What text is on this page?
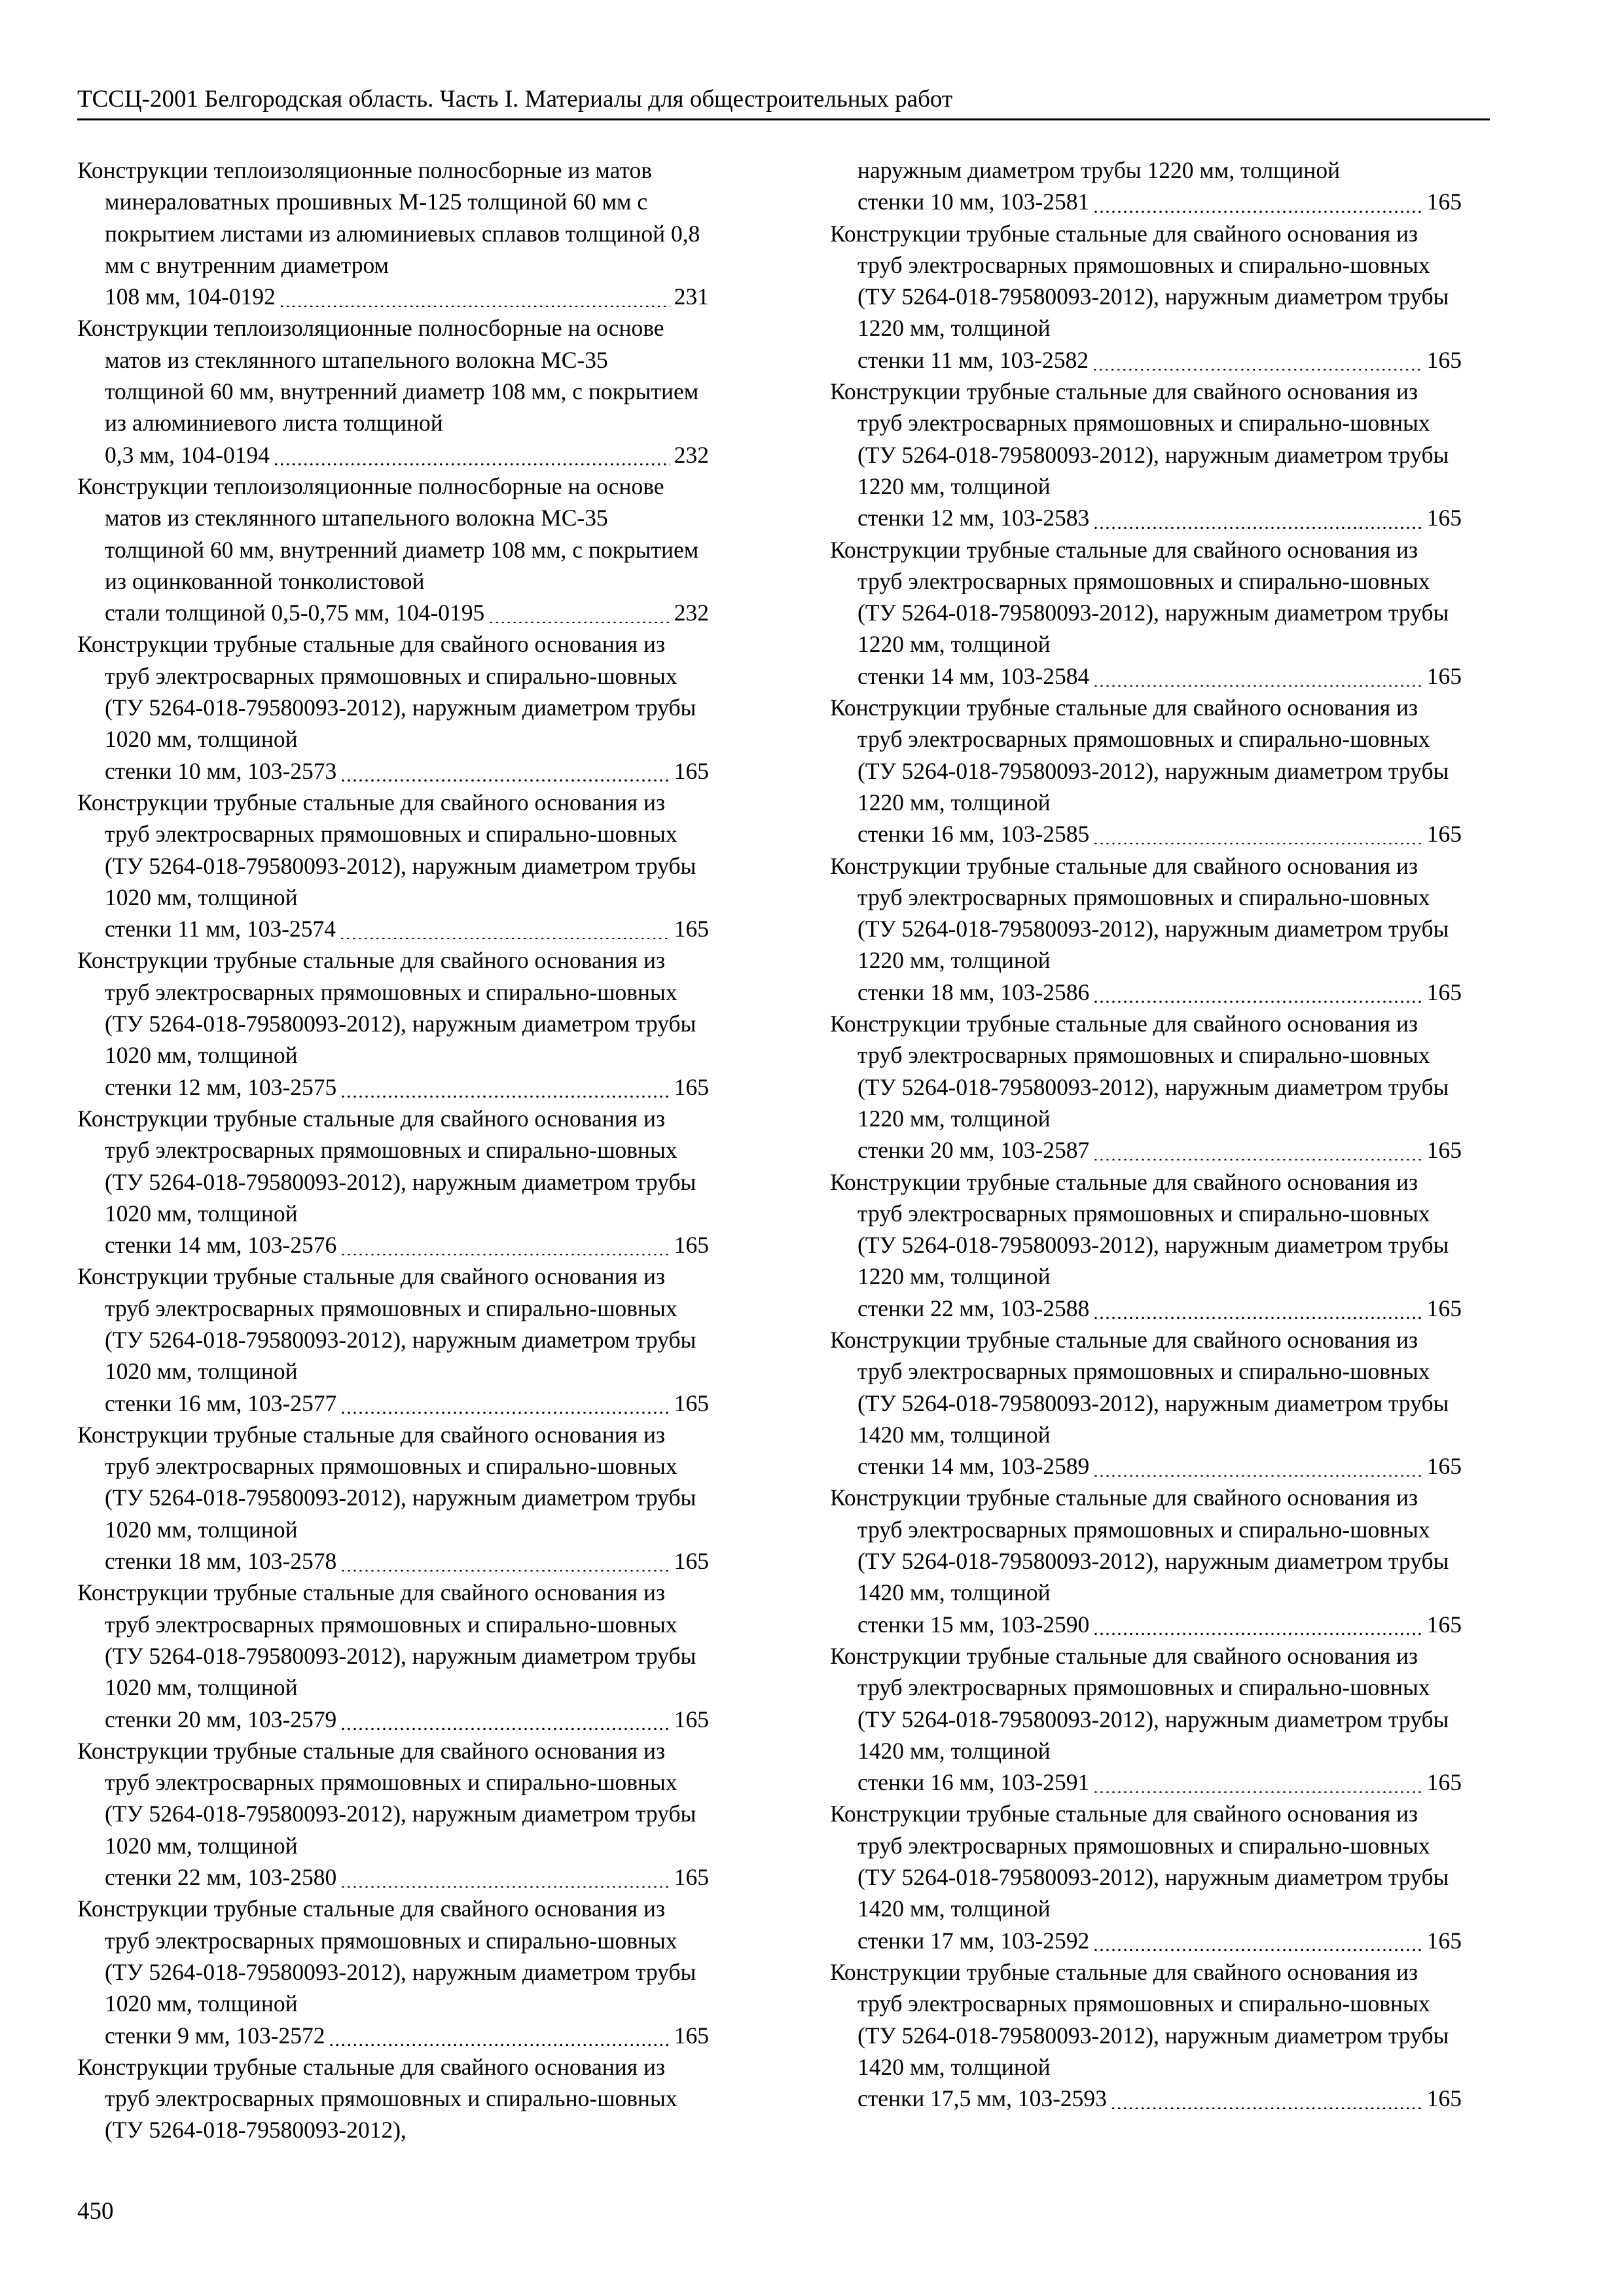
ТССЦ-2001 Белгородская область. Часть I. Материалы для общестроительных работ
Конструкции теплоизоляционные полносборные из матов минераловатных прошивных М-125 толщиной 60 мм с покрытием листами из алюминиевых сплавов толщиной 0,8 мм с внутренним диаметром
108 мм, 104-0192 . . .	231
Конструкции теплоизоляционные полносборные на основе матов из стеклянного штапельного волокна МС-35 толщиной 60 мм, внутренний диаметр 108 мм, с покрытием из алюминиевого листа толщиной
0,3 мм, 104-0194 . . .	232
Конструкции теплоизоляционные полносборные на основе матов из стеклянного штапельного волокна МС-35 толщиной 60 мм, внутренний диаметр 108 мм, с покрытием из оцинкованной тонколистовой
стали толщиной 0,5-0,75 мм, 104-0195 . . .	232
Конструкции трубные стальные для свайного основания из труб электросварных прямошовных и спирально-шовных (ТУ 5264-018-79580093-2012), наружным диаметром трубы 1020 мм, толщиной
стенки 10 мм, 103-2573 . . .	165
Конструкции трубные стальные для свайного основания из труб электросварных прямошовных и спирально-шовных (ТУ 5264-018-79580093-2012), наружным диаметром трубы 1020 мм, толщиной
стенки 11 мм, 103-2574 . . .	165
Конструкции трубные стальные для свайного основания из труб электросварных прямошовных и спирально-шовных (ТУ 5264-018-79580093-2012), наружным диаметром трубы 1020 мм, толщиной
стенки 12 мм, 103-2575 . . .	165
Конструкции трубные стальные для свайного основания из труб электросварных прямошовных и спирально-шовных (ТУ 5264-018-79580093-2012), наружным диаметром трубы 1020 мм, толщиной
стенки 14 мм, 103-2576 . . .	165
Конструкции трубные стальные для свайного основания из труб электросварных прямошовных и спирально-шовных (ТУ 5264-018-79580093-2012), наружным диаметром трубы 1020 мм, толщиной
стенки 16 мм, 103-2577 . . .	165
Конструкции трубные стальные для свайного основания из труб электросварных прямошовных и спирально-шовных (ТУ 5264-018-79580093-2012), наружным диаметром трубы 1020 мм, толщиной
стенки 18 мм, 103-2578 . . .	165
Конструкции трубные стальные для свайного основания из труб электросварных прямошовных и спирально-шовных (ТУ 5264-018-79580093-2012), наружным диаметром трубы 1020 мм, толщиной
стенки 20 мм, 103-2579 . . .	165
Конструкции трубные стальные для свайного основания из труб электросварных прямошовных и спирально-шовных (ТУ 5264-018-79580093-2012), наружным диаметром трубы 1020 мм, толщиной
стенки 22 мм, 103-2580 . . .	165
Конструкции трубные стальные для свайного основания из труб электросварных прямошовных и спирально-шовных (ТУ 5264-018-79580093-2012), наружным диаметром трубы 1020 мм, толщиной
стенки 9 мм, 103-2572 . . .	165
Конструкции трубные стальные для свайного основания из труб электросварных прямошовных и спирально-шовных (ТУ 5264-018-79580093-2012),
наружным диаметром трубы 1220 мм, толщиной
стенки 10 мм, 103-2581 . . .	165
Конструкции трубные стальные для свайного основания из труб электросварных прямошовных и спирально-шовных (ТУ 5264-018-79580093-2012), наружным диаметром трубы 1220 мм, толщиной
стенки 11 мм, 103-2582 . . .	165
Конструкции трубные стальные для свайного основания из труб электросварных прямошовных и спирально-шовных (ТУ 5264-018-79580093-2012), наружным диаметром трубы 1220 мм, толщиной
стенки 12 мм, 103-2583 . . .	165
Конструкции трубные стальные для свайного основания из труб электросварных прямошовных и спирально-шовных (ТУ 5264-018-79580093-2012), наружным диаметром трубы 1220 мм, толщиной
стенки 14 мм, 103-2584 . . .	165
Конструкции трубные стальные для свайного основания из труб электросварных прямошовных и спирально-шовных (ТУ 5264-018-79580093-2012), наружным диаметром трубы 1220 мм, толщиной
стенки 16 мм, 103-2585 . . .	165
Конструкции трубные стальные для свайного основания из труб электросварных прямошовных и спирально-шовных (ТУ 5264-018-79580093-2012), наружным диаметром трубы 1220 мм, толщиной
стенки 18 мм, 103-2586 . . .	165
Конструкции трубные стальные для свайного основания из труб электросварных прямошовных и спирально-шовных (ТУ 5264-018-79580093-2012), наружным диаметром трубы 1220 мм, толщиной
стенки 20 мм, 103-2587 . . .	165
Конструкции трубные стальные для свайного основания из труб электросварных прямошовных и спирально-шовных (ТУ 5264-018-79580093-2012), наружным диаметром трубы 1220 мм, толщиной
стенки 22 мм, 103-2588 . . .	165
Конструкции трубные стальные для свайного основания из труб электросварных прямошовных и спирально-шовных (ТУ 5264-018-79580093-2012), наружным диаметром трубы 1420 мм, толщиной
стенки 14 мм, 103-2589 . . .	165
Конструкции трубные стальные для свайного основания из труб электросварных прямошовных и спирально-шовных (ТУ 5264-018-79580093-2012), наружным диаметром трубы 1420 мм, толщиной
стенки 15 мм, 103-2590 . . .	165
Конструкции трубные стальные для свайного основания из труб электросварных прямошовных и спирально-шовных (ТУ 5264-018-79580093-2012), наружным диаметром трубы 1420 мм, толщиной
стенки 16 мм, 103-2591 . . .	165
Конструкции трубные стальные для свайного основания из труб электросварных прямошовных и спирально-шовных (ТУ 5264-018-79580093-2012), наружным диаметром трубы 1420 мм, толщиной
стенки 17 мм, 103-2592 . . .	165
Конструкции трубные стальные для свайного основания из труб электросварных прямошовных и спирально-шовных (ТУ 5264-018-79580093-2012), наружным диаметром трубы 1420 мм, толщиной
стенки 17,5 мм, 103-2593 . . .	165
450
